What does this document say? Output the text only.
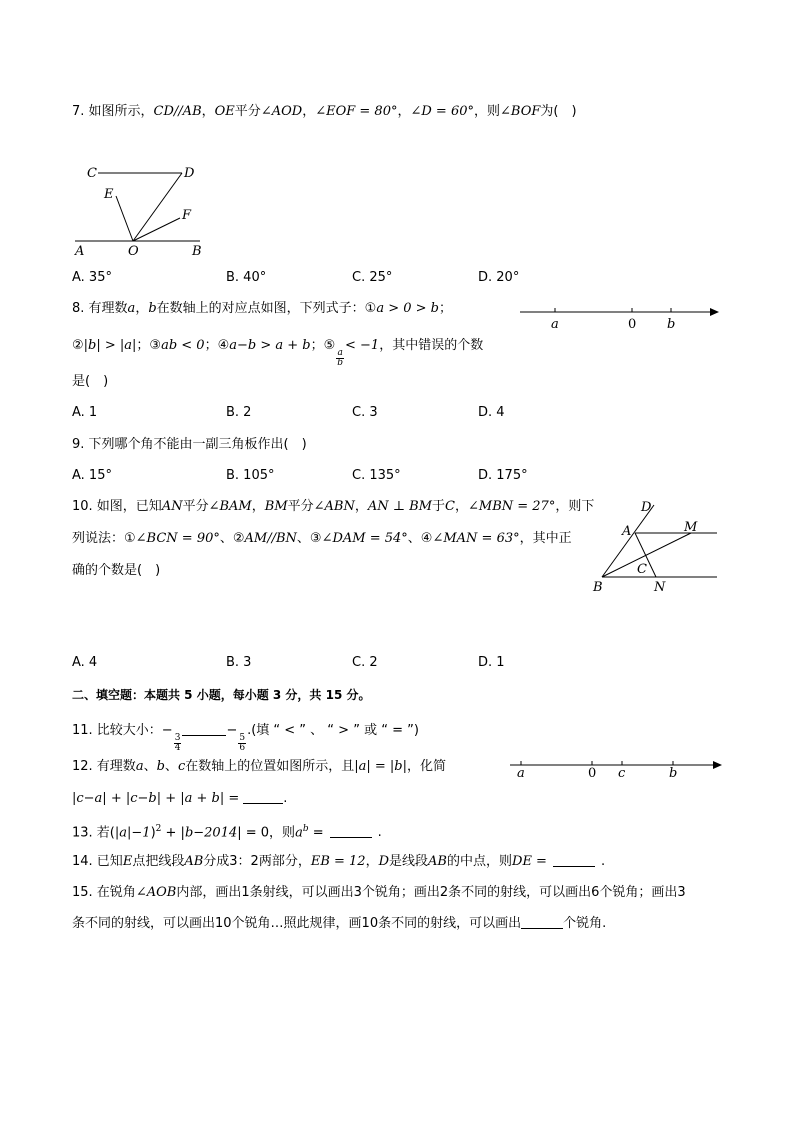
7. 如图所示，CD//AB，OE平分∠AOD，∠EOF = 80°，∠D = 60°，则∠BOF为(　)
C	D
E
F
A	O	B
A. 35°	B. 40°	C. 25°	D. 20°
8. 有理数a，b在数轴上的对应点如图，下列式子：①a > 0 > b；
a	0 b
②|b| > |a|；③ab < 0；④a−b > a + b；⑤
$\frac{a}{b}$
< −1，其中错误的个数
是(　)
A. 1	B. 2	C. 3	D. 4
9. 下列哪个角不能由一副三角板作出(　)
A. 15°	B. 105°	C. 135°	D. 175°
10. 如图，已知AN平分∠BAM，BM平分∠ABN，AN ⊥ BM于C，∠MBN = 27°，则下
列说法：①∠BCN = 90°、②AM//BN、③∠DAM = 54°、④∠MAN = 63°，其中正
确的个数是(　)
D
A	M
C
B	N
A. 4	B. 3	C. 2	D. 1
二、填空题：本题共 5 小题，每小题 3 分，共 15 分。
11. 比较大小：−
$\frac{3}{4}$
−
$\frac{5}{6}$
.(填 “ < ” 、 “ > ” 或 “ = ”)
12. 有理数a、b、c在数轴上的位置如图所示，且|a| = |b|，化简	a	0 c	b
|c−a| + |c−b| + |a + b| =	.
13. 若$(|a|-1)^2 + |b-2014| = 0$，则$a^b$ =	.
14. 已知E点把线段AB分成3：2两部分，EB = 12，D是线段AB的中点，则DE =	.
15. 在锐角∠AOB内部，画出1条射线，可以画出3个锐角；画出2条不同的射线，可以画出6个锐角；画出3
条不同的射线，可以画出10个锐角…照此规律，画10条不同的射线，可以画出	个锐角.
